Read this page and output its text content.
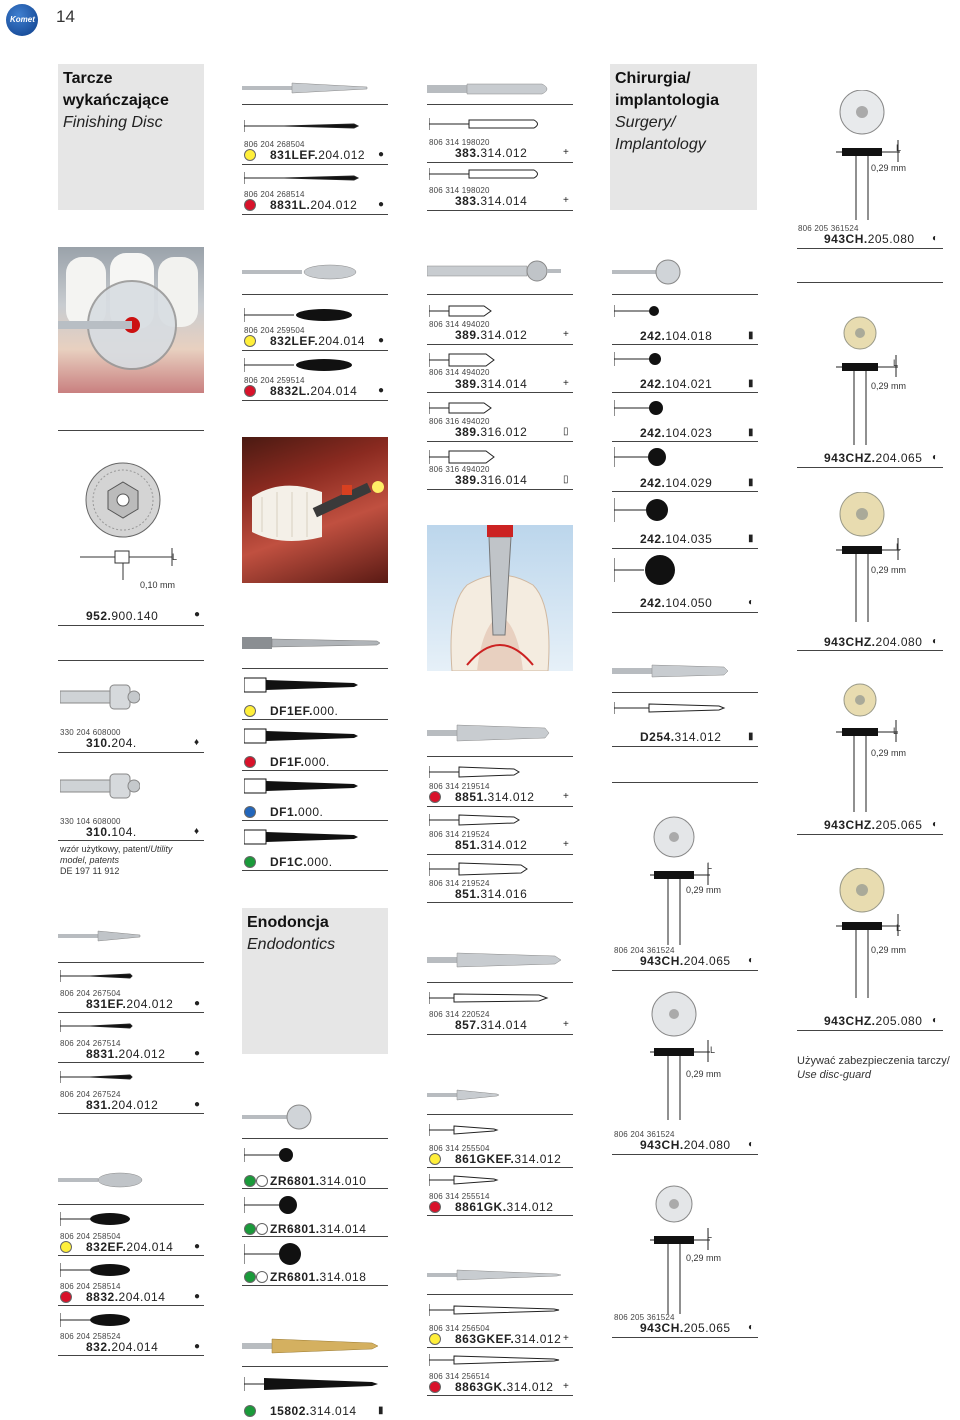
Komet 14
Tarcze
wykańczające
Finishing Disc
Chirurgia/
implantologia
Surgery/
Implantology
Enodoncja
Endodontics
L
0,10 mm
952.900.140	●
330 204 608000
310.204.	♦
330 104 608000
310.104.	♦
wzór użytkowy, patent/Utility
model, patents
DE 197 11 912
806 204 267504
831EF.204.012 ●
806 204 267514
8831.204.012	●
806 204 267524
831.204.012	●
806 204 258504
832EF.204.014 ●
806 204 258514
8832.204.014	●
806 204 258524
832.204.014	●
806 204 268504
831LEF.204.012 ●
806 204 268514
8831L.204.012 ●
806 204 259504
832LEF.204.014 ●
806 204 259514
8832L.204.014 ●
DF1EF.000.
DF1F.000.
DF1.000.
DF1C.000.
ZR6801.314.010
ZR6801.314.014
ZR6801.314.018
15802.314.014 ▮
806 314 198020
383.314.012	+
806 314 198020
383.314.014	+
806 314 494020
389.314.012	+
806 314 494020
389.314.014	+
806 316 494020
389.316.012	▯
806 316 494020
389.316.014	▯
806 314 219514
8851.314.012	+
806 314 219524
851.314.012	+
806 314 219524
851.314.016
806 314 220524
857.314.014	+
806 314 255504
861GKEF.314.012
806 314 255514
8861GK.314.012
806 314 256504
863GKEF.314.012 +
806 314 256514
8863GK.314.012 +
242.104.018	▮
242.104.021	▮
242.104.023	▮
242.104.029	▮
242.104.035	▮
242.104.050	◐
D254.314.012	▮
L
0,29 mm
806 204 361524
943CH.204.065 ◐
L
0,29 mm
806 204 361524
943CH.204.080 ◐
L
0,29 mm
806 205 361524
943CH.205.065 ◐
L
0,29 mm
806 205 361524
943CH.205.080 ◐
L
0,29 mm
943CHZ.204.065 ◐
L
0,29 mm
943CHZ.204.080 ◐
L
0,29 mm
943CHZ.205.065 ◐
L
0,29 mm
943CHZ.205.080 ◐
Używać zabezpieczenia tarczy/
Use disc-guard
